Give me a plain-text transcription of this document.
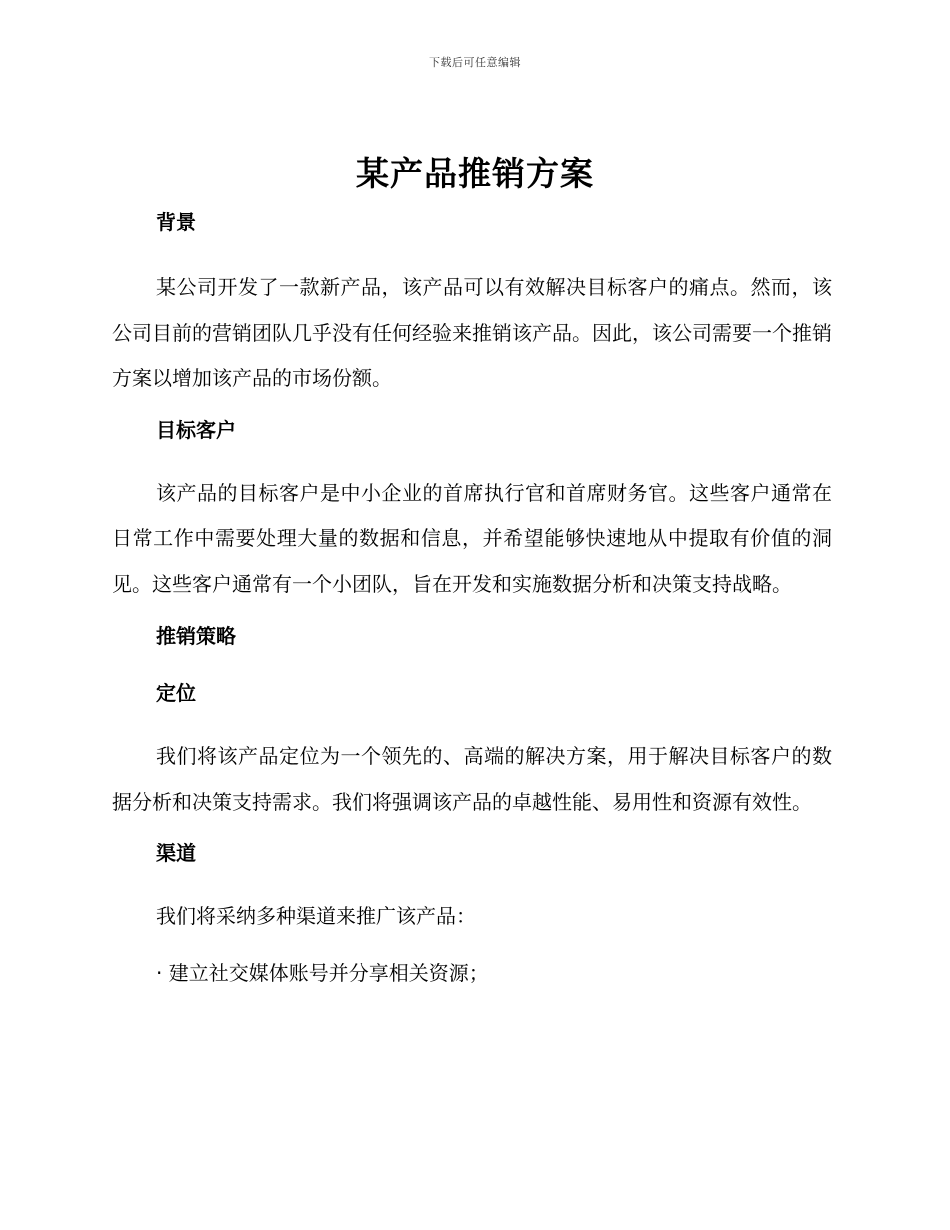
下载后可任意编辑
某产品推销方案

背景

某公司开发了一款新产品，该产品可以有效解决目标客户的痛点。然而，该公司目前的营销团队几乎没有任何经验来推销该产品。因此，该公司需要一个推销方案以增加该产品的市场份额。

目标客户

该产品的目标客户是中小企业的首席执行官和首席财务官。这些客户通常在日常工作中需要处理大量的数据和信息，并希望能够快速地从中提取有价值的洞见。这些客户通常有一个小团队，旨在开发和实施数据分析和决策支持战略。

推销策略

定位

我们将该产品定位为一个领先的、高端的解决方案，用于解决目标客户的数据分析和决策支持需求。我们将强调该产品的卓越性能、易用性和资源有效性。

渠道

我们将采纳多种渠道来推广该产品：

· 建立社交媒体账号并分享相关资源；
